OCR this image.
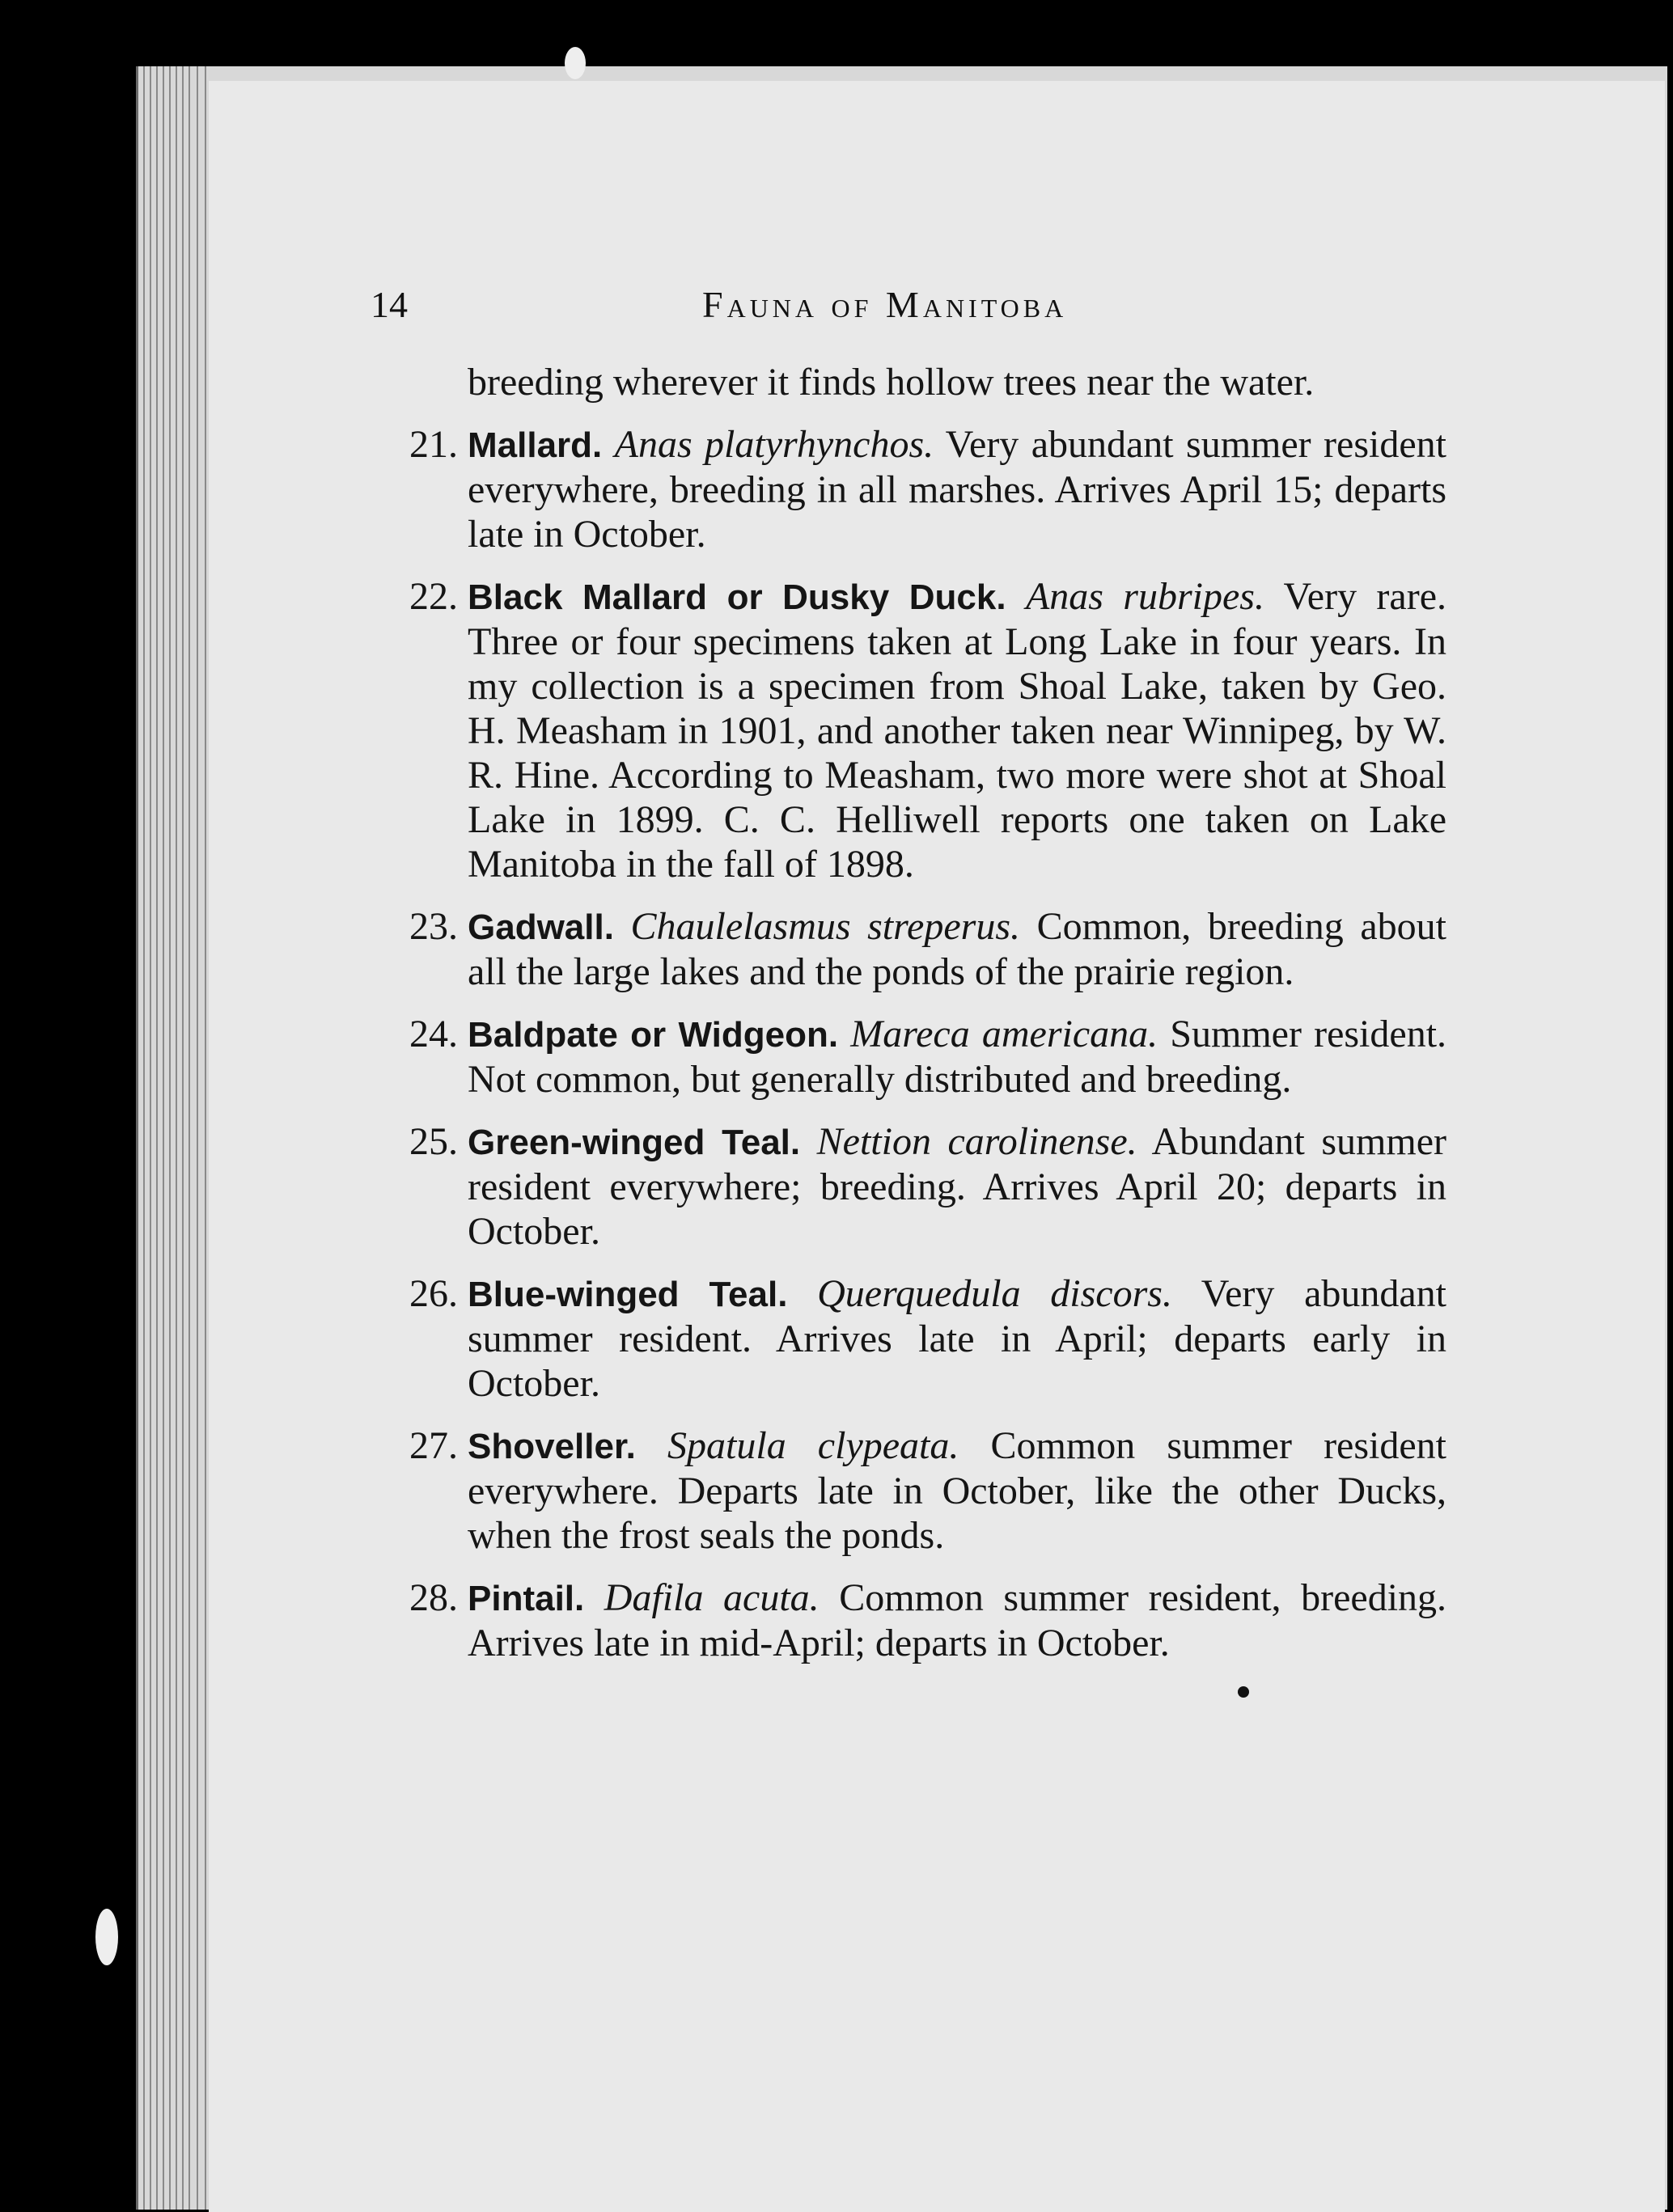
14	Fauna of Manitoba
breeding wherever it finds hollow trees near the water.
21. Mallard. Anas platyrhynchos. Very abundant summer resident everywhere, breeding in all marshes. Arrives April 15; departs late in October.
22. Black Mallard or Dusky Duck. Anas rubripes. Very rare. Three or four specimens taken at Long Lake in four years. In my collection is a specimen from Shoal Lake, taken by Geo. H. Measham in 1901, and another taken near Winnipeg, by W. R. Hine. According to Measham, two more were shot at Shoal Lake in 1899. C. C. Helliwell reports one taken on Lake Manitoba in the fall of 1898.
23. Gadwall. Chaulelasmus streperus. Common, breeding about all the large lakes and the ponds of the prairie region.
24. Baldpate or Widgeon. Mareca americana. Summer resident. Not common, but generally distributed and breeding.
25. Green-winged Teal. Nettion carolinense. Abundant summer resident everywhere; breeding. Arrives April 20; departs in October.
26. Blue-winged Teal. Querquedula discors. Very abundant summer resident. Arrives late in April; departs early in October.
27. Shoveller. Spatula clypeata. Common summer resident everywhere. Departs late in October, like the other Ducks, when the frost seals the ponds.
28. Pintail. Dafila acuta. Common summer resident, breeding. Arrives late in mid-April; departs in October.
